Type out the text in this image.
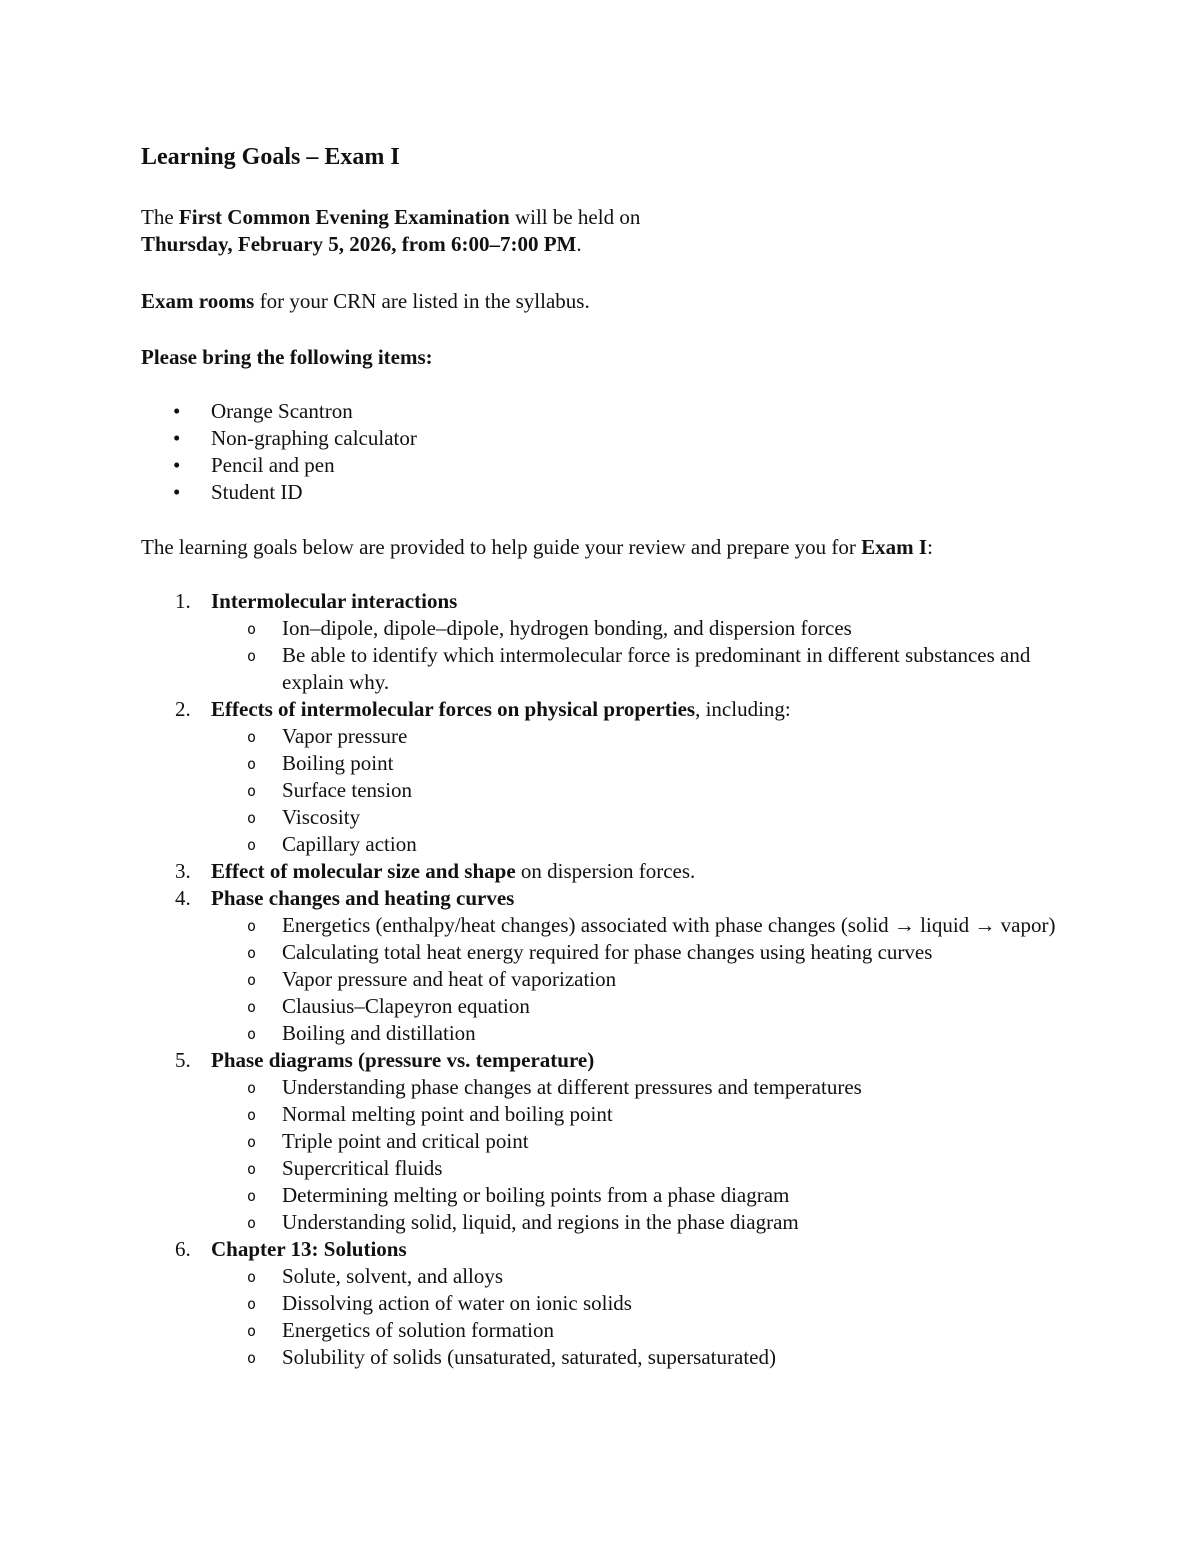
Learning Goals – Exam I

The First Common Evening Examination will be held on
Thursday, February 5, 2026, from 6:00–7:00 PM.

Exam rooms for your CRN are listed in the syllabus.

Please bring the following items:

• Orange Scantron
• Non-graphing calculator
• Pencil and pen
• Student ID

The learning goals below are provided to help guide your review and prepare you for Exam I:

1. Intermolecular interactions
o Ion–dipole, dipole–dipole, hydrogen bonding, and dispersion forces
o Be able to identify which intermolecular force is predominant in different substances and explain why.
2. Effects of intermolecular forces on physical properties, including:
o Vapor pressure
o Boiling point
o Surface tension
o Viscosity
o Capillary action
3. Effect of molecular size and shape on dispersion forces.
4. Phase changes and heating curves
o Energetics (enthalpy/heat changes) associated with phase changes (solid → liquid → vapor)
o Calculating total heat energy required for phase changes using heating curves
o Vapor pressure and heat of vaporization
o Clausius–Clapeyron equation
o Boiling and distillation
5. Phase diagrams (pressure vs. temperature)
o Understanding phase changes at different pressures and temperatures
o Normal melting point and boiling point
o Triple point and critical point
o Supercritical fluids
o Determining melting or boiling points from a phase diagram
o Understanding solid, liquid, and regions in the phase diagram
6. Chapter 13: Solutions
o Solute, solvent, and alloys
o Dissolving action of water on ionic solids
o Energetics of solution formation
o Solubility of solids (unsaturated, saturated, supersaturated)
